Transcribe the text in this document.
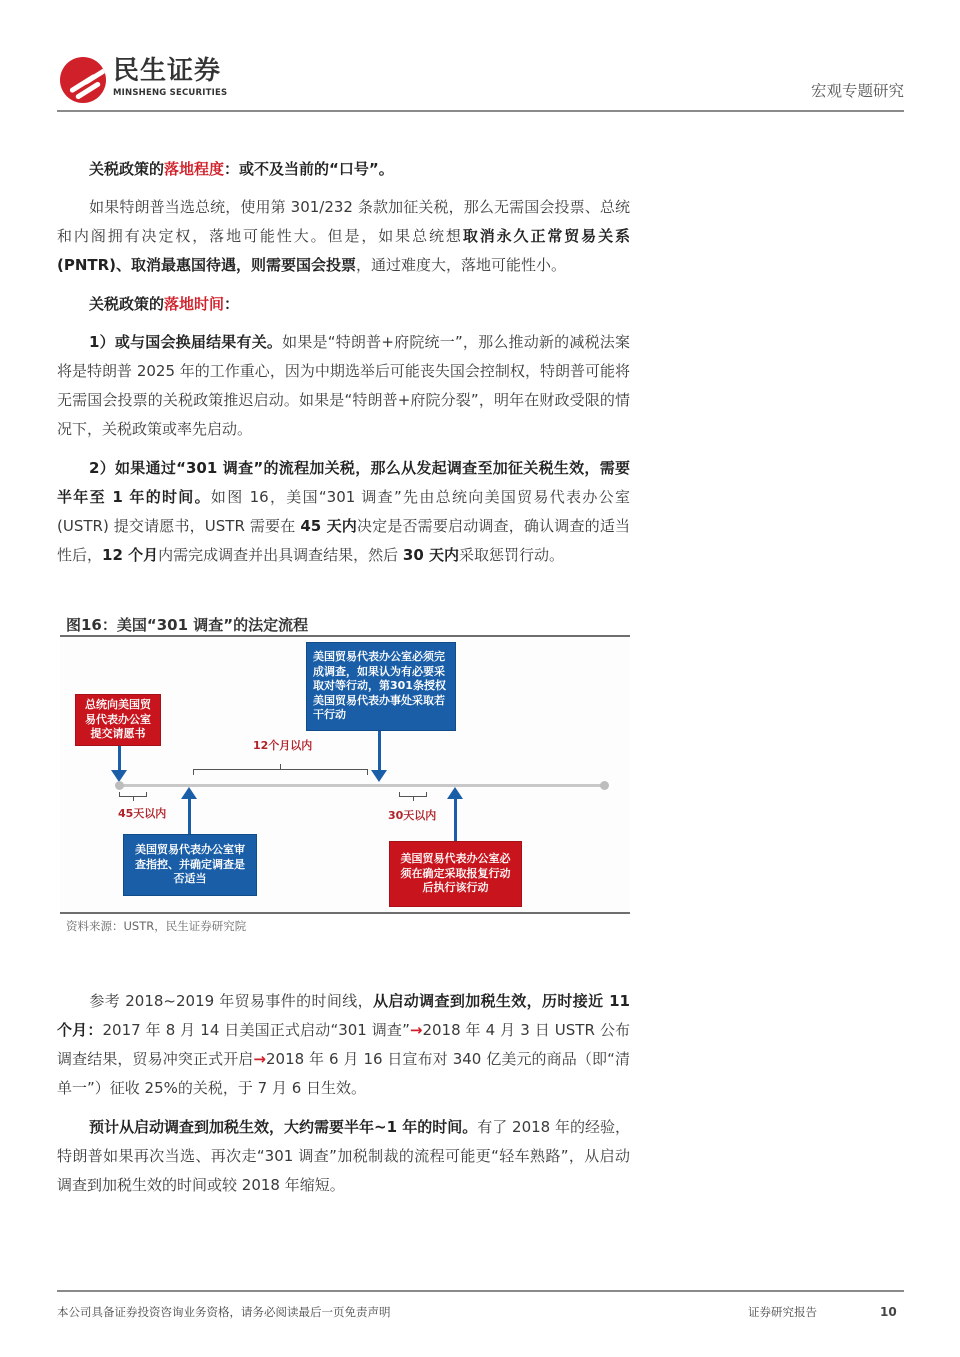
民生证券
MINSHENG SECURITIES	宏观专题研究
关税政策的落地程度：或不及当前的“口号”。
如果特朗普当选总统，使用第 301/232 条款加征关税，那么无需国会投票、总统和内阁拥有决定权，落地可能性大。但是，如果总统想取消永久正常贸易关系 (PNTR)、取消最惠国待遇，则需要国会投票，通过难度大，落地可能性小。
关税政策的落地时间：
1）或与国会换届结果有关。如果是“特朗普+府院统一”，那么推动新的减税法案将是特朗普 2025 年的工作重心，因为中期选举后可能丧失国会控制权，特朗普可能将无需国会投票的关税政策推迟启动。如果是“特朗普+府院分裂”，明年在财政受限的情况下，关税政策或率先启动。
2）如果通过“301 调查”的流程加关税，那么从发起调查至加征关税生效，需要半年至 1 年的时间。如图 16，美国“301 调查”先由总统向美国贸易代表办公室 (USTR) 提交请愿书，USTR 需要在 45 天内决定是否需要启动调查，确认调查的适当性后，12 个月内需完成调查并出具调查结果，然后 30 天内采取惩罚行动。
图16：美国“301 调查”的法定流程
总统向美国贸易代表办公室提交请愿书
美国贸易代表办公室必须完成调查，如果认为有必要采取对等行动，第301条授权美国贸易代表办事处采取若干行动
12个月以内
45天以内	30天以内
美国贸易代表办公室审查指控、并确定调查是否适当
美国贸易代表办公室必须在确定采取报复行动后执行该行动
资料来源：USTR，民生证券研究院
参考 2018~2019 年贸易事件的时间线，从启动调查到加税生效，历时接近 11 个月：2017 年 8 月 14 日美国正式启动“301 调查”→2018 年 4 月 3 日 USTR 公布调查结果，贸易冲突正式开启→2018 年 6 月 16 日宣布对 340 亿美元的商品（即“清单一”）征收 25%的关税，于 7 月 6 日生效。
预计从启动调查到加税生效，大约需要半年~1 年的时间。有了 2018 年的经验，特朗普如果再次当选、再次走“301 调查”加税制裁的流程可能更“轻车熟路”，从启动调查到加税生效的时间或较 2018 年缩短。
本公司具备证券投资咨询业务资格，请务必阅读最后一页免责声明	证券研究报告	10
